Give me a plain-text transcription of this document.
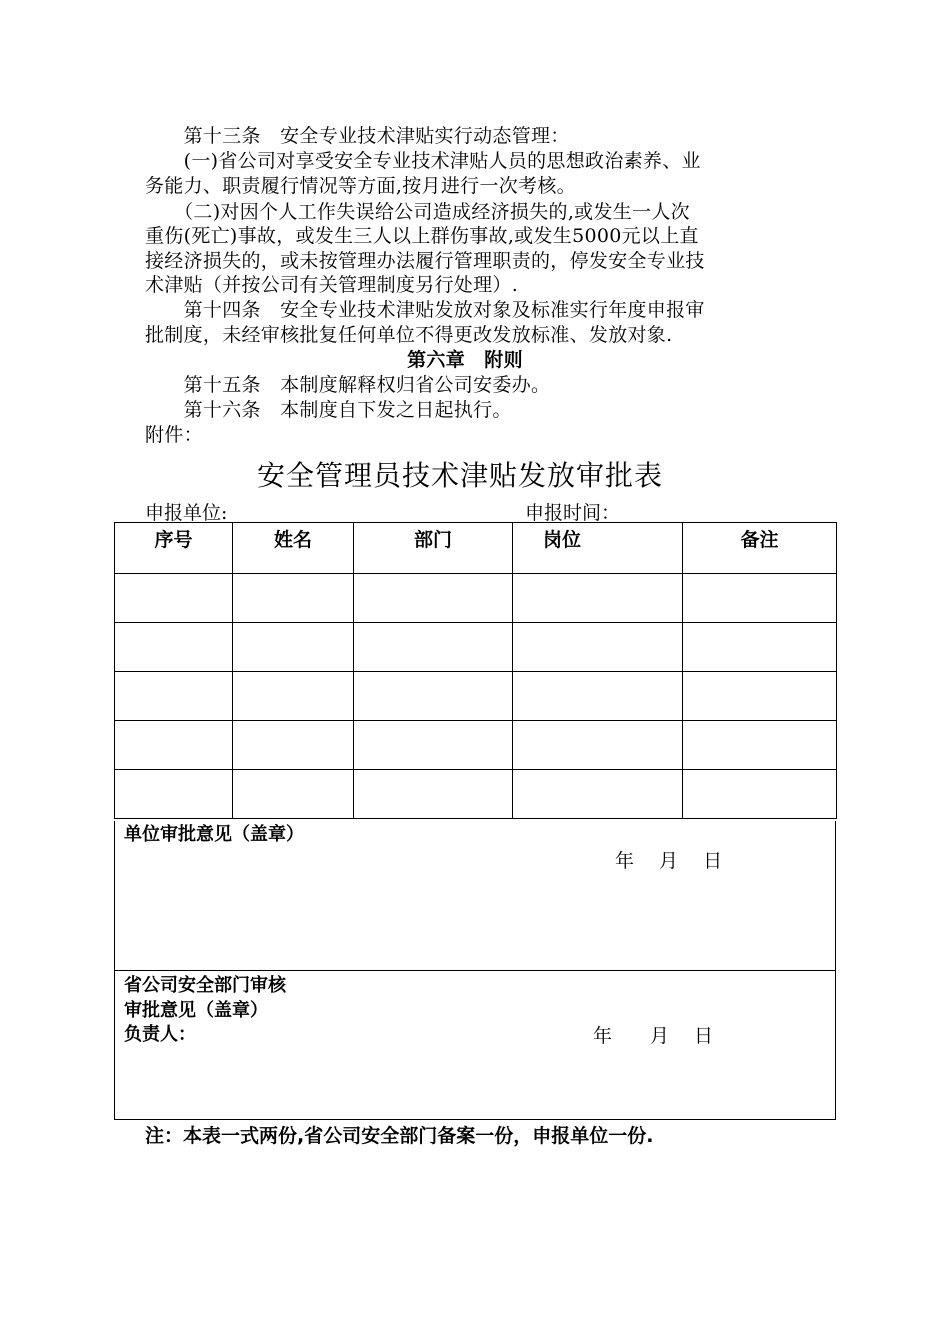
　　第十三条　安全专业技术津贴实行动态管理：
　　(一)省公司对享受安全专业技术津贴人员的思想政治素养、业
务能力、职责履行情况等方面,按月进行一次考核。
　　（二)对因个人工作失误给公司造成经济损失的,或发生一人次
重伤(死亡)事故，或发生三人以上群伤事故,或发生5000元以上直
接经济损失的，或未按管理办法履行管理职责的，停发安全专业技
术津贴（并按公司有关管理制度另行处理）.
　　第十四条　安全专业技术津贴发放对象及标准实行年度申报审
批制度，未经审核批复任何单位不得更改发放标准、发放对象.
第六章　附则
　　第十五条　本制度解释权归省公司安委办。
　　第十六条　本制度自下发之日起执行。
附件：
安全管理员技术津贴发放审批表
申报单位:	申报时间：
序号	姓名	部门	岗位	备注

单位审批意见（盖章）
年　 月　 日
省公司安全部门审核
审批意见（盖章）
负责人：	年　　月　 日
注：本表一式两份,省公司安全部门备案一份，申报单位一份.
